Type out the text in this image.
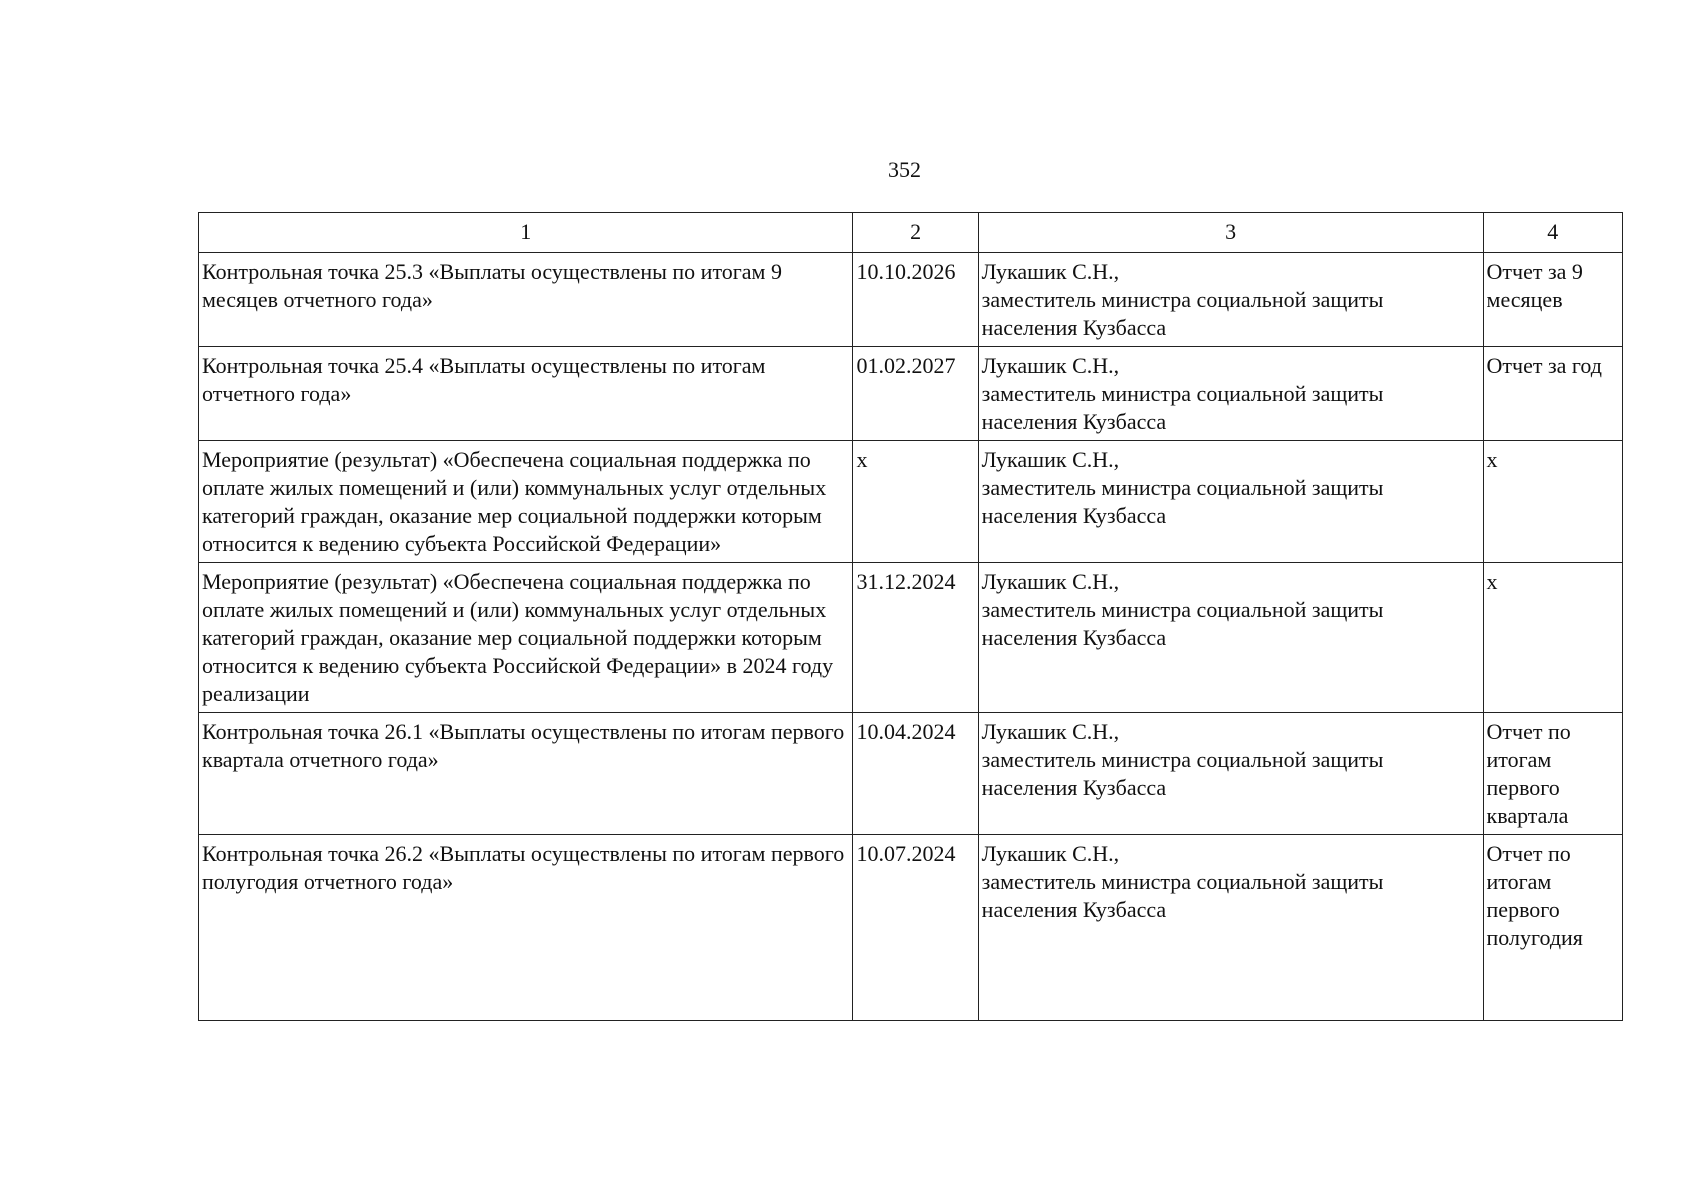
352
1	2	3	4
Контрольная точка 25.3 «Выплаты осуществлены по итогам 9 месяцев отчетного года»	10.10.2026	Лукашик С.Н.,
заместитель министра социальной защиты населения Кузбасса	Отчет за 9 месяцев
Контрольная точка 25.4 «Выплаты осуществлены по итогам отчетного года»	01.02.2027	Лукашик С.Н.,
заместитель министра социальной защиты населения Кузбасса	Отчет за год
Мероприятие (результат) «Обеспечена социальная поддержка по оплате жилых помещений и (или) коммунальных услуг отдельных категорий граждан, оказание мер социальной поддержки которым относится к ведению субъекта Российской Федерации»	х	Лукашик С.Н.,
заместитель министра социальной защиты населения Кузбасса	х
Мероприятие (результат) «Обеспечена социальная поддержка по оплате жилых помещений и (или) коммунальных услуг отдельных категорий граждан, оказание мер социальной поддержки которым относится к ведению субъекта Российской Федерации» в 2024 году реализации	31.12.2024	Лукашик С.Н.,
заместитель министра социальной защиты населения Кузбасса	х
Контрольная точка 26.1 «Выплаты осуществлены по итогам первого квартала отчетного года»	10.04.2024	Лукашик С.Н.,
заместитель министра социальной защиты населения Кузбасса	Отчет по итогам первого квартала
Контрольная точка 26.2 «Выплаты осуществлены по итогам первого полугодия отчетного года»	10.07.2024	Лукашик С.Н.,
заместитель министра социальной защиты населения Кузбасса	Отчет по итогам первого полугодия
